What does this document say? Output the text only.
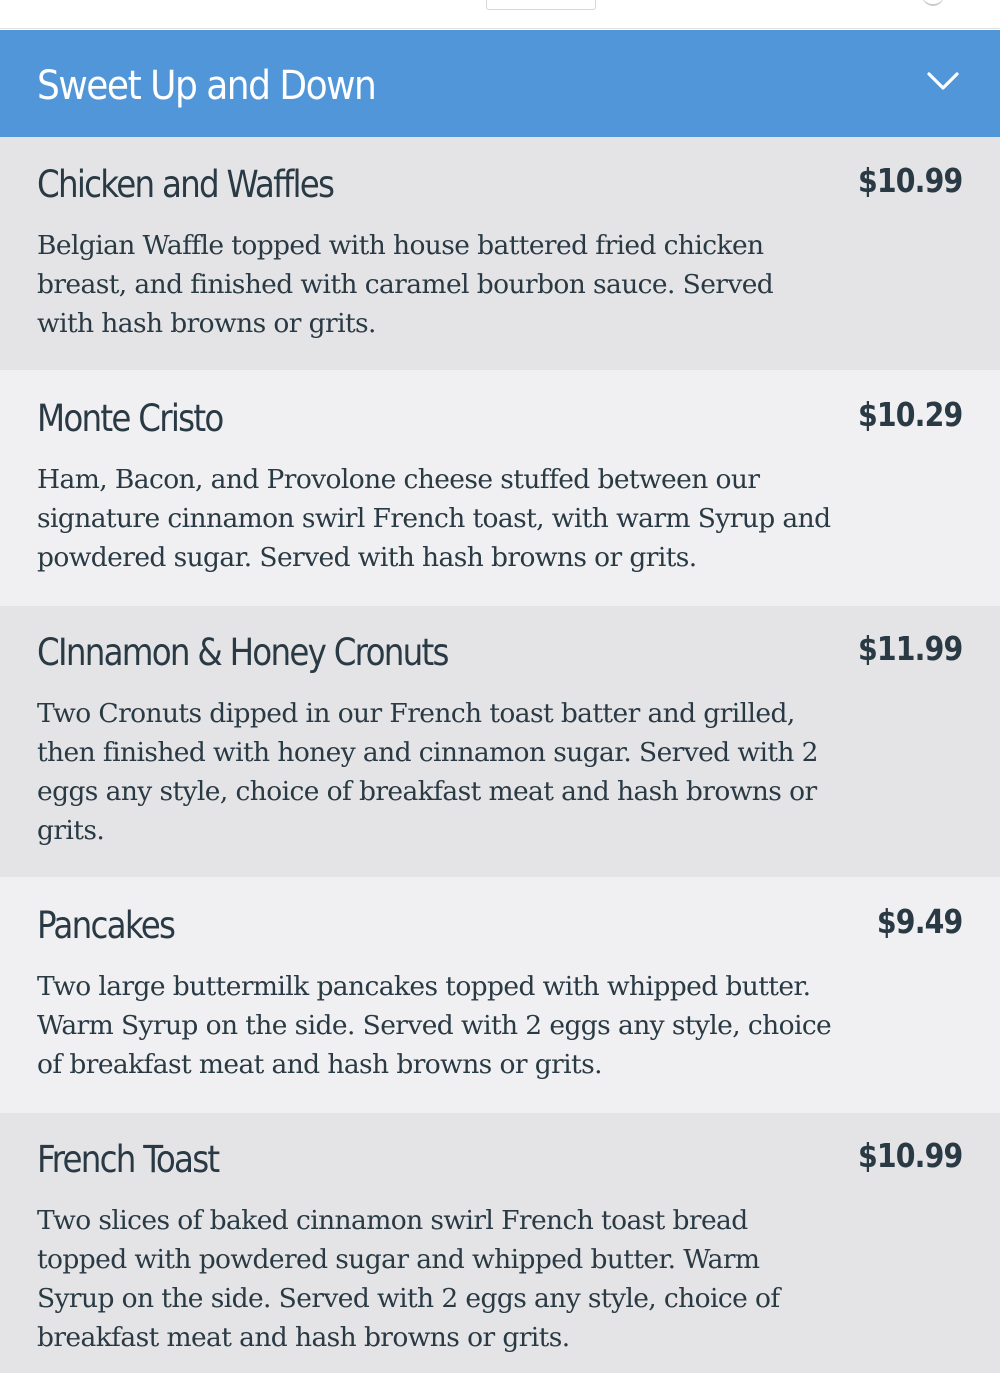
Sweet Up and Down
Chicken and Waffles	$10.99
Belgian Waffle topped with house battered fried chicken breast, and finished with caramel bourbon sauce. Served with hash browns or grits.
Monte Cristo	$10.29
Ham, Bacon, and Provolone cheese stuffed between our signature cinnamon swirl French toast, with warm Syrup and powdered sugar. Served with hash browns or grits.
CInnamon & Honey Cronuts	$11.99
Two Cronuts dipped in our French toast batter and grilled, then finished with honey and cinnamon sugar. Served with 2 eggs any style, choice of breakfast meat and hash browns or grits.
Pancakes	$9.49
Two large buttermilk pancakes topped with whipped butter. Warm Syrup on the side. Served with 2 eggs any style, choice of breakfast meat and hash browns or grits.
French Toast	$10.99
Two slices of baked cinnamon swirl French toast bread topped with powdered sugar and whipped butter. Warm Syrup on the side. Served with 2 eggs any style, choice of breakfast meat and hash browns or grits.
